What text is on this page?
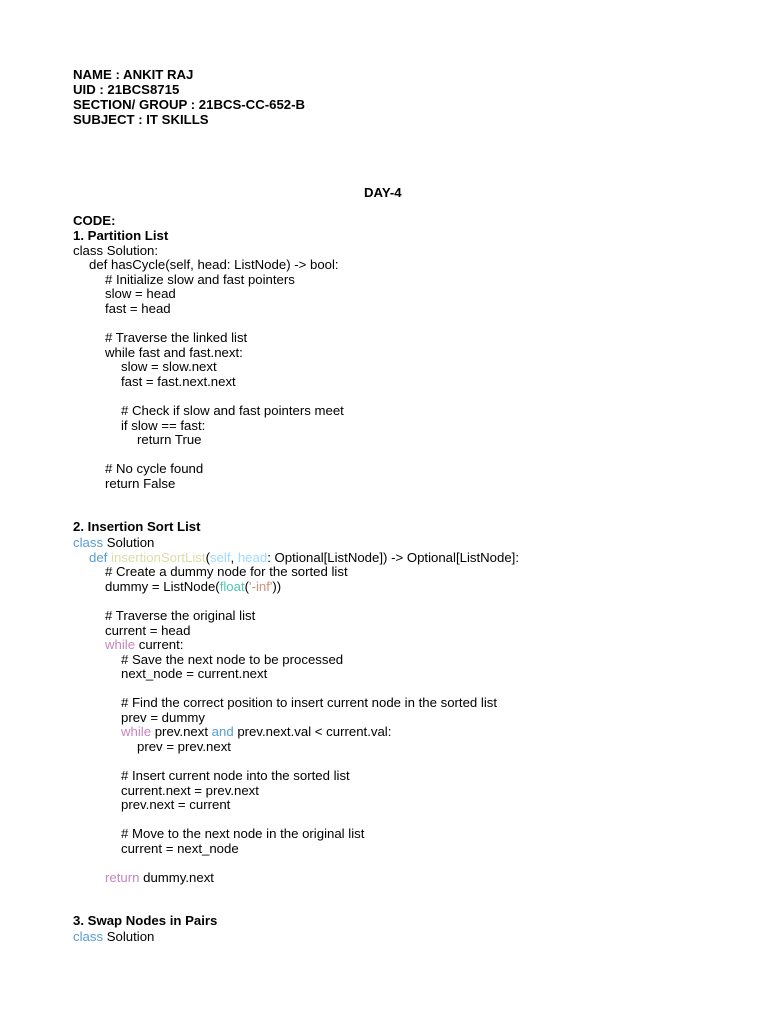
NAME : ANKIT RAJ
UID : 21BCS8715
SECTION/ GROUP : 21BCS-CC-652-B
SUBJECT : IT SKILLS
DAY-4
CODE:
1. Partition List
class Solution:
def hasCycle(self, head: ListNode) -> bool:
# Initialize slow and fast pointers
slow = head
fast = head
# Traverse the linked list
while fast and fast.next:
slow = slow.next
fast = fast.next.next
# Check if slow and fast pointers meet
if slow == fast:
return True
# No cycle found
return False
2. Insertion Sort List
class Solution
def insertionSortList(self, head: Optional[ListNode]) -> Optional[ListNode]:
# Create a dummy node for the sorted list
dummy = ListNode(float('-inf'))
# Traverse the original list
current = head
while current:
# Save the next node to be processed
next_node = current.next
# Find the correct position to insert current node in the sorted list
prev = dummy
while prev.next and prev.next.val < current.val:
prev = prev.next
# Insert current node into the sorted list
current.next = prev.next
prev.next = current
# Move to the next node in the original list
current = next_node
return dummy.next
3. Swap Nodes in Pairs
class Solution
